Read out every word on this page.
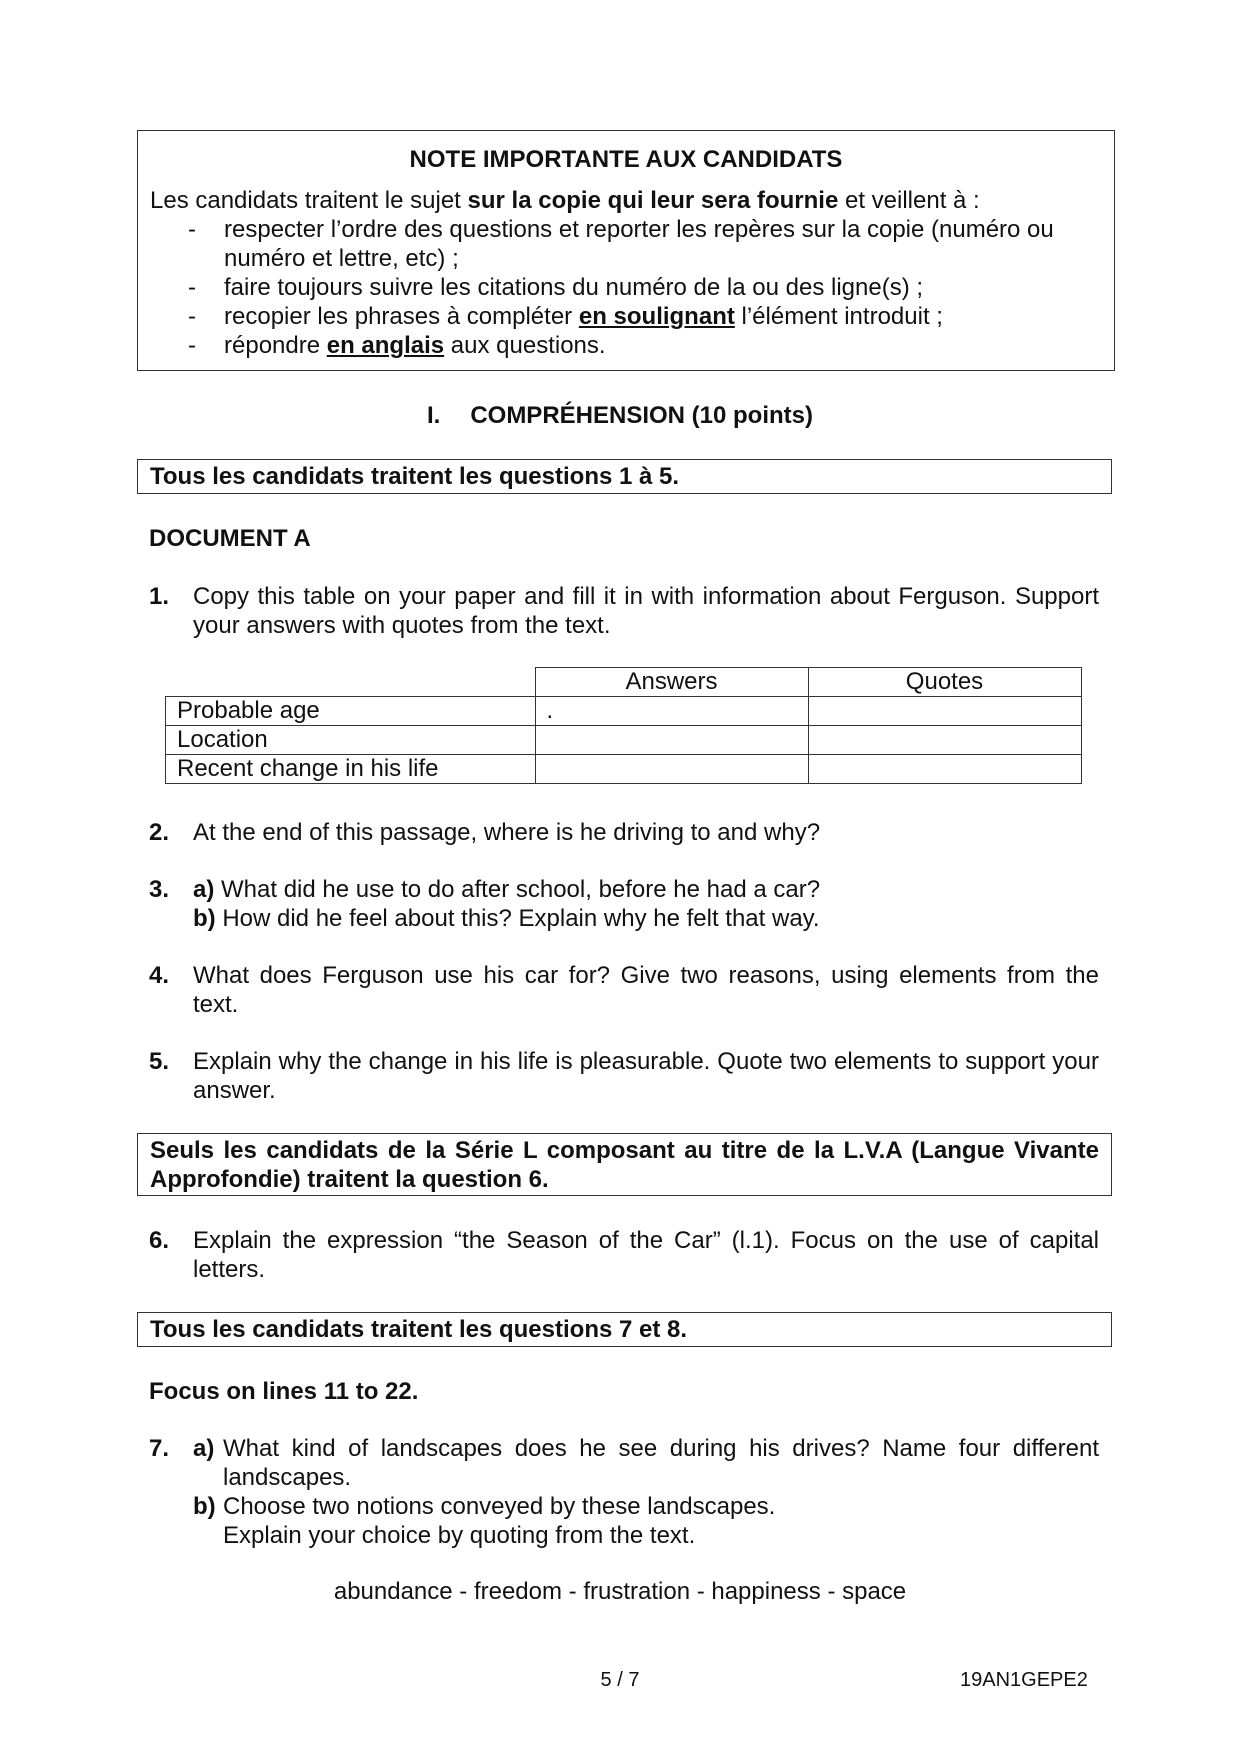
NOTE IMPORTANTE AUX CANDIDATS
Les candidats traitent le sujet sur la copie qui leur sera fournie et veillent à :
- respecter l’ordre des questions et reporter les repères sur la copie (numéro ou numéro et lettre, etc) ;
- faire toujours suivre les citations du numéro de la ou des ligne(s) ;
- recopier les phrases à compléter en soulignant l’élément introduit ;
- répondre en anglais aux questions.
I. COMPRÉHENSION (10 points)
Tous les candidats traitent les questions 1 à 5.
DOCUMENT A
1. Copy this table on your paper and fill it in with information about Ferguson. Support your answers with quotes from the text.
	Answers	Quotes
Probable age	.	
Location		
Recent change in his life		
2. At the end of this passage, where is he driving to and why?
3. a) What did he use to do after school, before he had a car?
b) How did he feel about this? Explain why he felt that way.
4. What does Ferguson use his car for? Give two reasons, using elements from the text.
5. Explain why the change in his life is pleasurable. Quote two elements to support your answer.
Seuls les candidats de la Série L composant au titre de la L.V.A (Langue Vivante Approfondie) traitent la question 6.
6. Explain the expression “the Season of the Car” (l.1). Focus on the use of capital letters.
Tous les candidats traitent les questions 7 et 8.
Focus on lines 11 to 22.
7. a) What kind of landscapes does he see during his drives? Name four different landscapes.
b) Choose two notions conveyed by these landscapes.
Explain your choice by quoting from the text.
abundance - freedom - frustration - happiness - space
5 / 7	19AN1GEPE2
